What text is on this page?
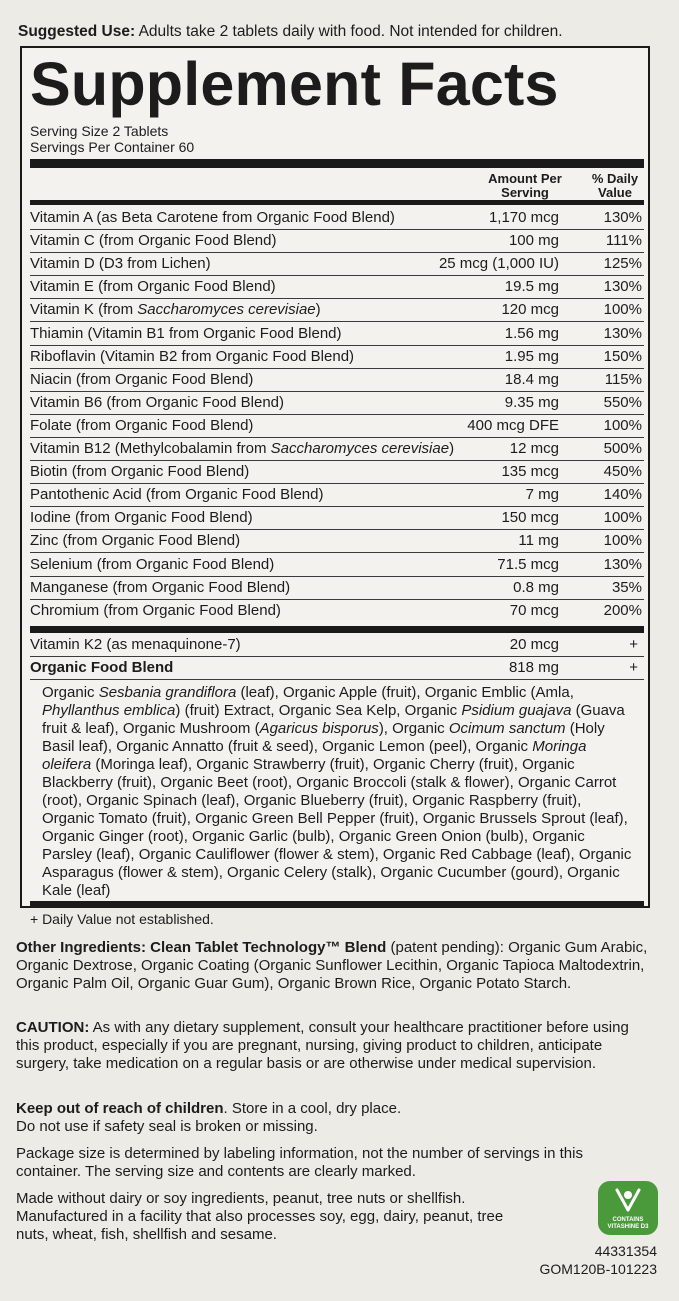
Suggested Use: Adults take 2 tablets daily with food. Not intended for children.
Supplement Facts
Serving Size 2 Tablets
Servings Per Container 60
Amount Per Serving
% Daily Value
Vitamin A (as Beta Carotene from Organic Food Blend)	1,170 mcg	130%
Vitamin C (from Organic Food Blend)	100 mg	111%
Vitamin D (D3 from Lichen)	25 mcg (1,000 IU)	125%
Vitamin E (from Organic Food Blend)	19.5 mg	130%
Vitamin K (from Saccharomyces cerevisiae)	120 mcg	100%
Thiamin (Vitamin B1 from Organic Food Blend)	1.56 mg	130%
Riboflavin (Vitamin B2 from Organic Food Blend)	1.95 mg	150%
Niacin (from Organic Food Blend)	18.4 mg	115%
Vitamin B6 (from Organic Food Blend)	9.35 mg	550%
Folate (from Organic Food Blend)	400 mcg DFE	100%
Vitamin B12 (Methylcobalamin from Saccharomyces cerevisiae)	12 mcg	500%
Biotin (from Organic Food Blend)	135 mcg	450%
Pantothenic Acid (from Organic Food Blend)	7 mg	140%
Iodine (from Organic Food Blend)	150 mcg	100%
Zinc (from Organic Food Blend)	11 mg	100%
Selenium (from Organic Food Blend)	71.5 mcg	130%
Manganese (from Organic Food Blend)	0.8 mg	35%
Chromium (from Organic Food Blend)	70 mcg	200%
Vitamin K2 (as menaquinone-7)	20 mcg	+
Organic Food Blend	818 mg	+
Organic Sesbania grandiflora (leaf), Organic Apple (fruit), Organic Emblic (Amla, Phyllanthus emblica) (fruit) Extract, Organic Sea Kelp, Organic Psidium guajava (Guava fruit & leaf), Organic Mushroom (Agaricus bisporus), Organic Ocimum sanctum (Holy Basil leaf), Organic Annatto (fruit & seed), Organic Lemon (peel), Organic Moringa oleifera (Moringa leaf), Organic Strawberry (fruit), Organic Cherry (fruit), Organic Blackberry (fruit), Organic Beet (root), Organic Broccoli (stalk & flower), Organic Carrot (root), Organic Spinach (leaf), Organic Blueberry (fruit), Organic Raspberry (fruit), Organic Tomato (fruit), Organic Green Bell Pepper (fruit), Organic Brussels Sprout (leaf), Organic Ginger (root), Organic Garlic (bulb), Organic Green Onion (bulb), Organic Parsley (leaf), Organic Cauliflower (flower & stem), Organic Red Cabbage (leaf), Organic Asparagus (flower & stem), Organic Celery (stalk), Organic Cucumber (gourd), Organic Kale (leaf)
+ Daily Value not established.
Other Ingredients: Clean Tablet Technology™ Blend (patent pending): Organic Gum Arabic, Organic Dextrose, Organic Coating (Organic Sunflower Lecithin, Organic Tapioca Maltodextrin, Organic Palm Oil, Organic Guar Gum), Organic Brown Rice, Organic Potato Starch.
CAUTION: As with any dietary supplement, consult your healthcare practitioner before using this product, especially if you are pregnant, nursing, giving product to children, anticipate surgery, take medication on a regular basis or are otherwise under medical supervision.
Keep out of reach of children. Store in a cool, dry place.
Do not use if safety seal is broken or missing.
Package size is determined by labeling information, not the number of servings in this container. The serving size and contents are clearly marked.
Made without dairy or soy ingredients, peanut, tree nuts or shellfish. Manufactured in a facility that also processes soy, egg, dairy, peanut, tree nuts, wheat, fish, shellfish and sesame.
CONTAINS
VITASHINE D3
44331354
GOM120B-101223
